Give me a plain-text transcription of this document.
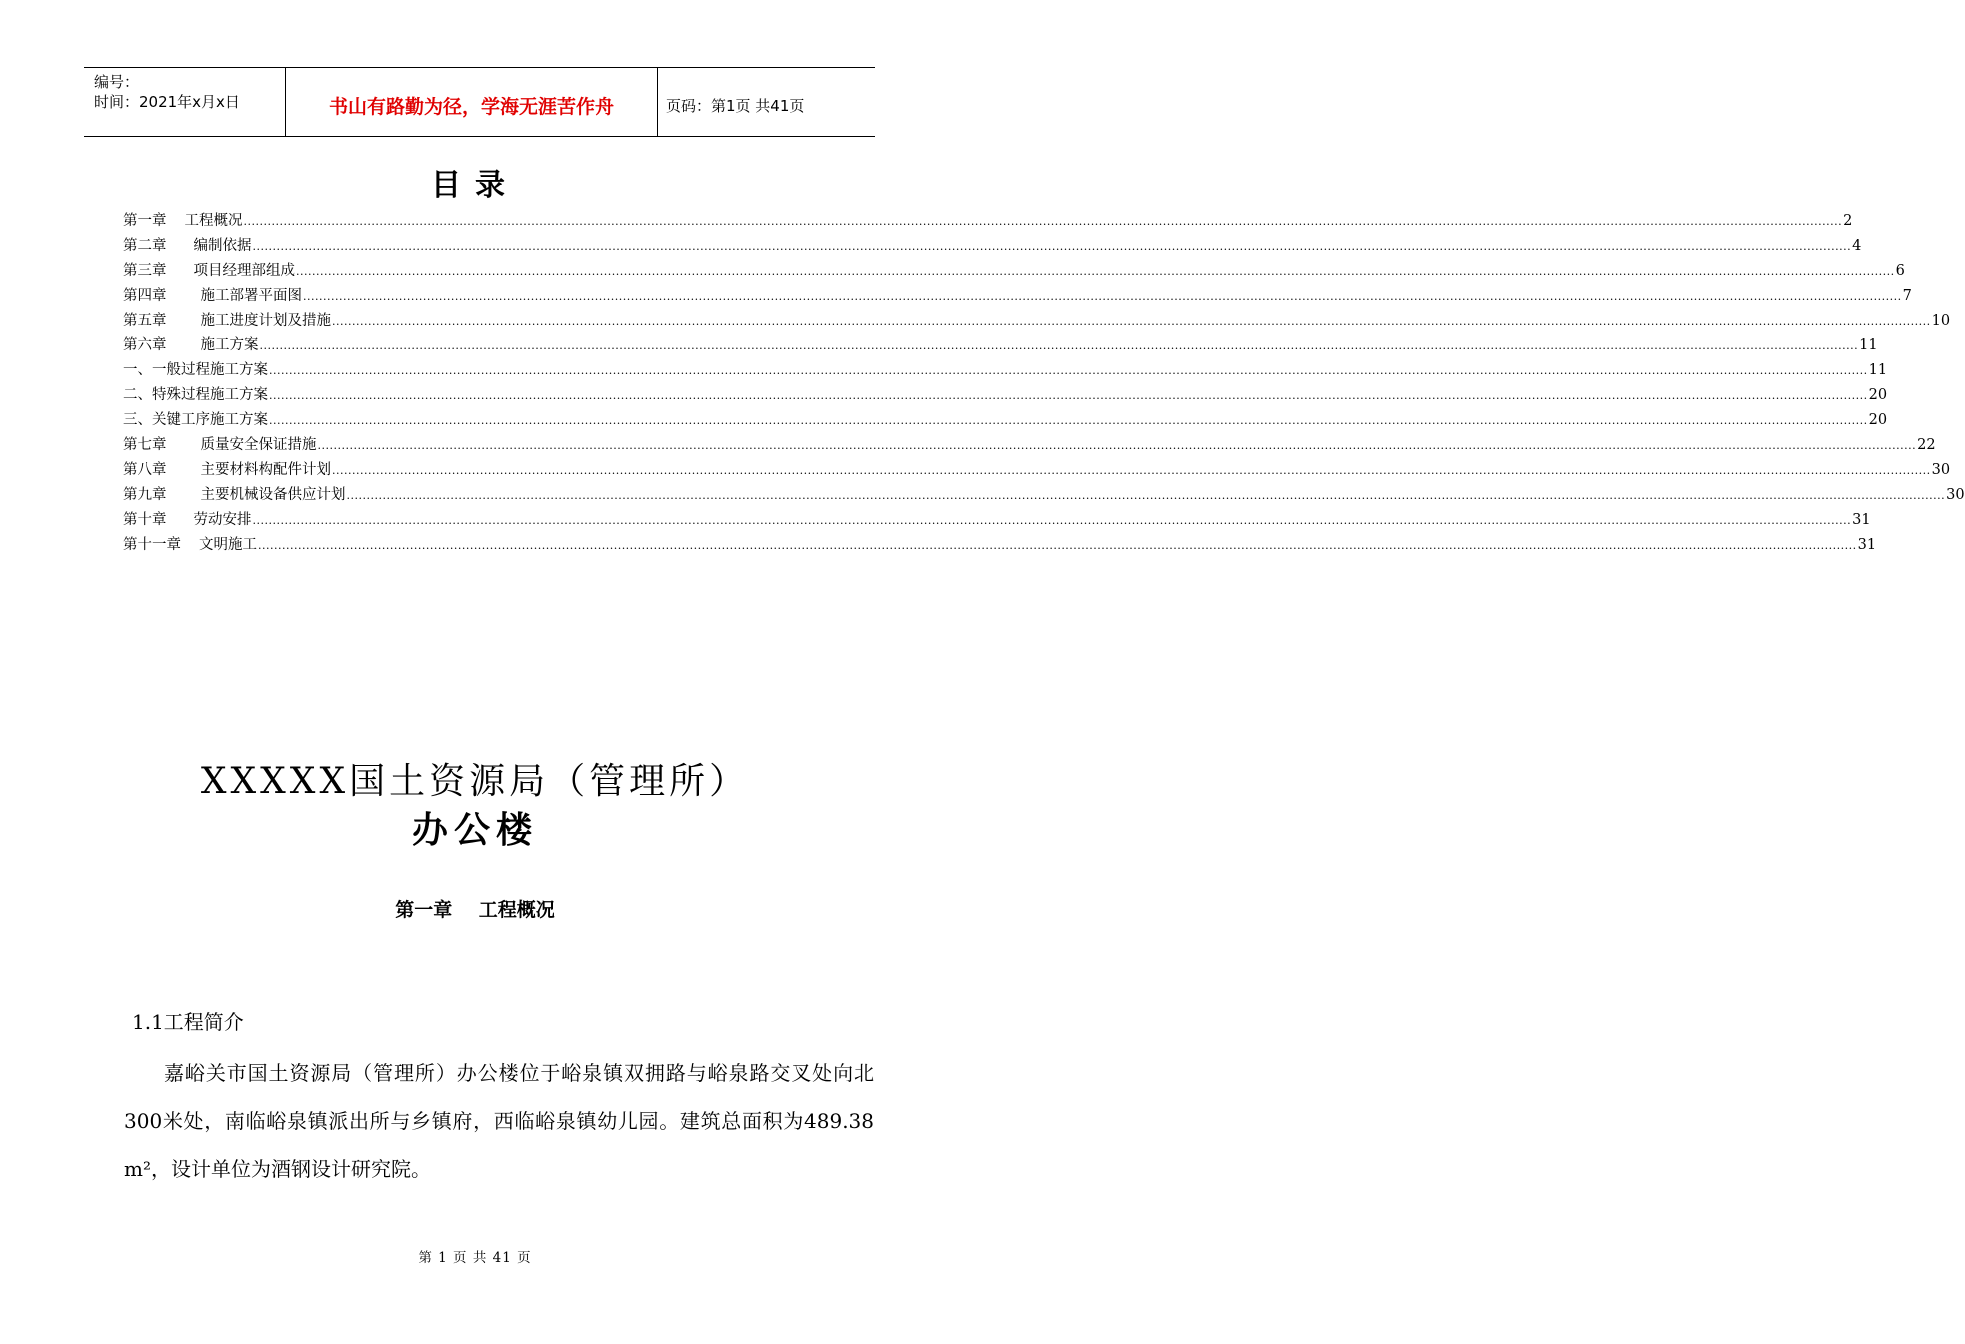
编号：
时间：2021年x月x日	书山有路勤为径，学海无涯苦作舟	页码：第1页 共41页
目录
第一章 工程概况 ................................................................................................................................................................................................................................................................................................................................................................................................................ 2
第二章 编制依据 ................................................................................................................................................................................................................................................................................................................................................................................................................ 4
第三章 项目经理部组成 ................................................................................................................................................................................................................................................................................................................................................................................................................ 6
第四章 施工部署平面图 ................................................................................................................................................................................................................................................................................................................................................................................................................ 7
第五章 施工进度计划及措施 ................................................................................................................................................................................................................................................................................................................................................................................................................ 10
第六章 施工方案 ................................................................................................................................................................................................................................................................................................................................................................................................................ 11
一、一般过程施工方案 ................................................................................................................................................................................................................................................................................................................................................................................................................ 11
二、特殊过程施工方案 ................................................................................................................................................................................................................................................................................................................................................................................................................ 20
三、关键工序施工方案 ................................................................................................................................................................................................................................................................................................................................................................................................................ 20
第七章 质量安全保证措施 ................................................................................................................................................................................................................................................................................................................................................................................................................ 22
第八章 主要材料构配件计划 ................................................................................................................................................................................................................................................................................................................................................................................................................ 30
第九章 主要机械设备供应计划 ................................................................................................................................................................................................................................................................................................................................................................................................................ 30
第十章 劳动安排 ................................................................................................................................................................................................................................................................................................................................................................................................................ 31
第十一章 文明施工 ................................................................................................................................................................................................................................................................................................................................................................................................................ 31
XXXXX国土资源局（管理所）
办公楼
第一章    工程概况
1.1工程简介
嘉峪关市国土资源局（管理所）办公楼位于峪泉镇双拥路与峪泉路交叉处向北300米处，南临峪泉镇派出所与乡镇府，西临峪泉镇幼儿园。建筑总面积为489.38 m²，设计单位为酒钢设计研究院。
第 1 页 共 41 页
